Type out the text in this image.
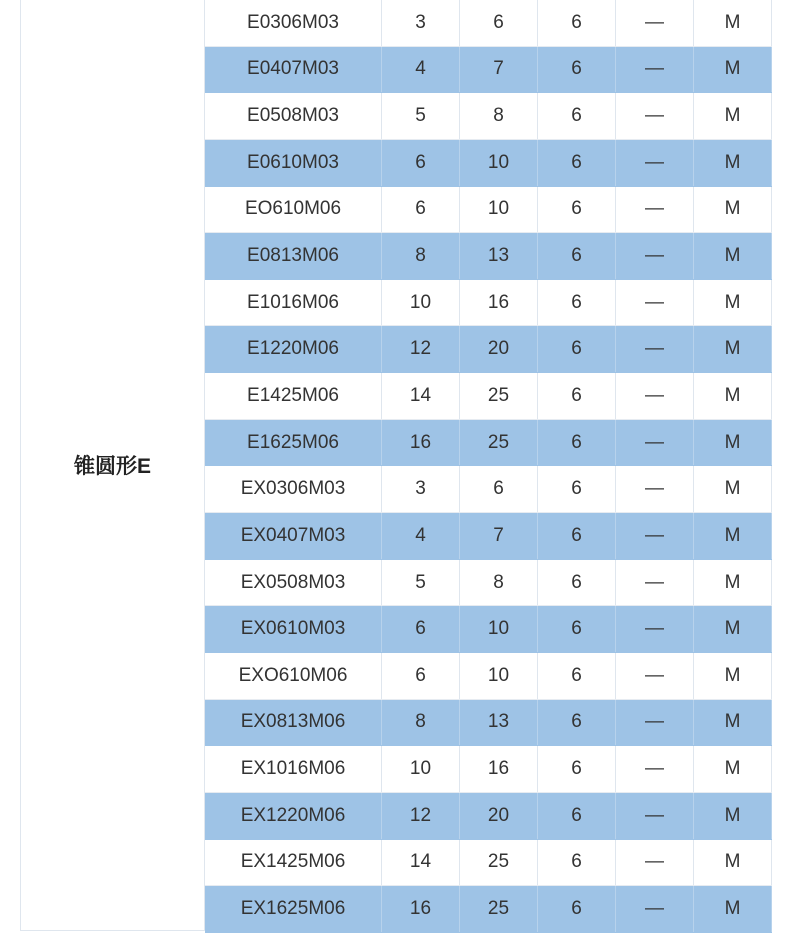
锥圆形E
E0306M03	3	6	6	—	M
E0407M03	4	7	6	—	M
E0508M03	5	8	6	—	M
E0610M03	6	10	6	—	M
EO610M06	6	10	6	—	M
E0813M06	8	13	6	—	M
E1016M06	10	16	6	—	M
E1220M06	12	20	6	—	M
E1425M06	14	25	6	—	M
E1625M06	16	25	6	—	M
EX0306M03	3	6	6	—	M
EX0407M03	4	7	6	—	M
EX0508M03	5	8	6	—	M
EX0610M03	6	10	6	—	M
EXO610M06	6	10	6	—	M
EX0813M06	8	13	6	—	M
EX1016M06	10	16	6	—	M
EX1220M06	12	20	6	—	M
EX1425M06	14	25	6	—	M
EX1625M06	16	25	6	—	M
